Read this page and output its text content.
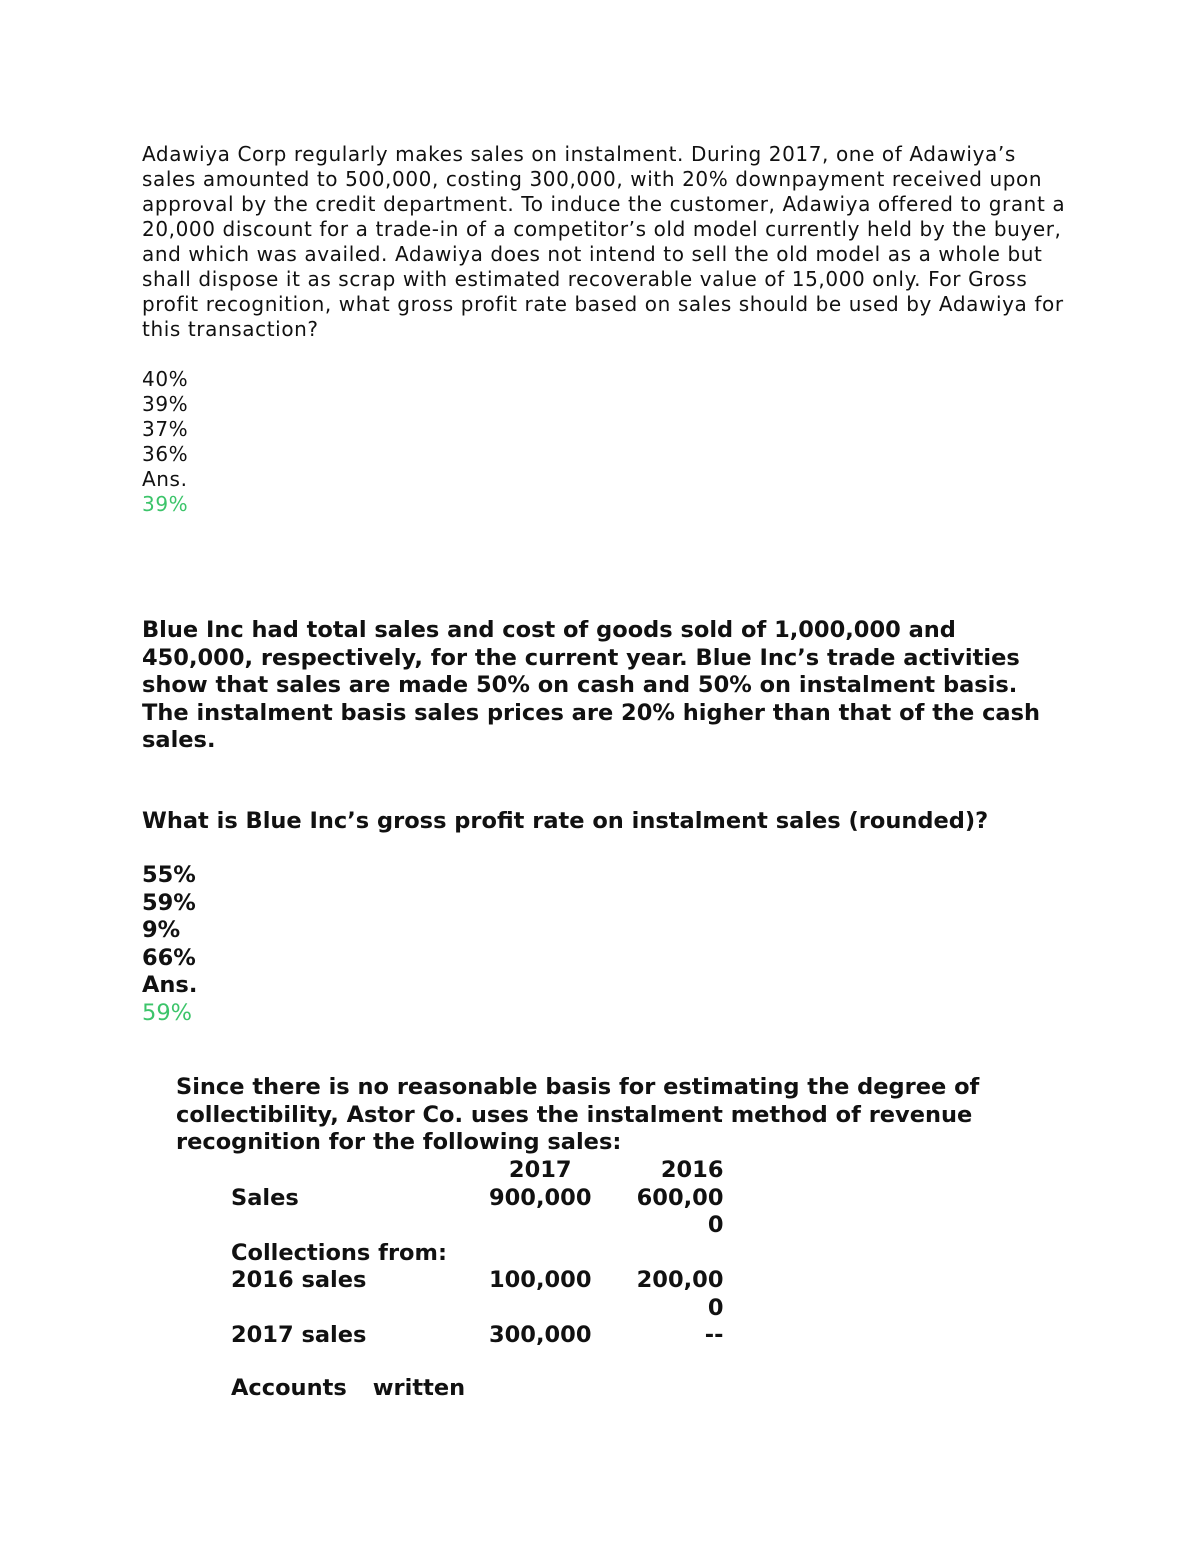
Adawiya Corp regularly makes sales on instalment. During 2017, one of Adawiya’s sales amounted to 500,000, costing 300,000, with 20% downpayment received upon approval by the credit department. To induce the customer, Adawiya offered to grant a 20,000 discount for a trade-in of a competitor’s old model currently held by the buyer, and which was availed. Adawiya does not intend to sell the old model as a whole but shall dispose it as scrap with estimated recoverable value of 15,000 only. For Gross profit recognition, what gross profit rate based on sales should be used by Adawiya for this transaction?

40%
39%
37%
36%
Ans.
39%

Blue Inc had total sales and cost of goods sold of 1,000,000 and 450,000, respectively, for the current year. Blue Inc’s trade activities show that sales are made 50% on cash and 50% on instalment basis. The instalment basis sales prices are 20% higher than that of the cash sales.

What is Blue Inc’s gross profit rate on instalment sales (rounded)?

55%
59%
9%
66%
Ans.
59%

Since there is no reasonable basis for estimating the degree of collectibility, Astor Co. uses the instalment method of revenue recognition for the following sales:

	2017	2016
Sales	900,000	600,000
Collections from:		
2016 sales	100,000	200,000
2017 sales	300,000	--
Accounts written
